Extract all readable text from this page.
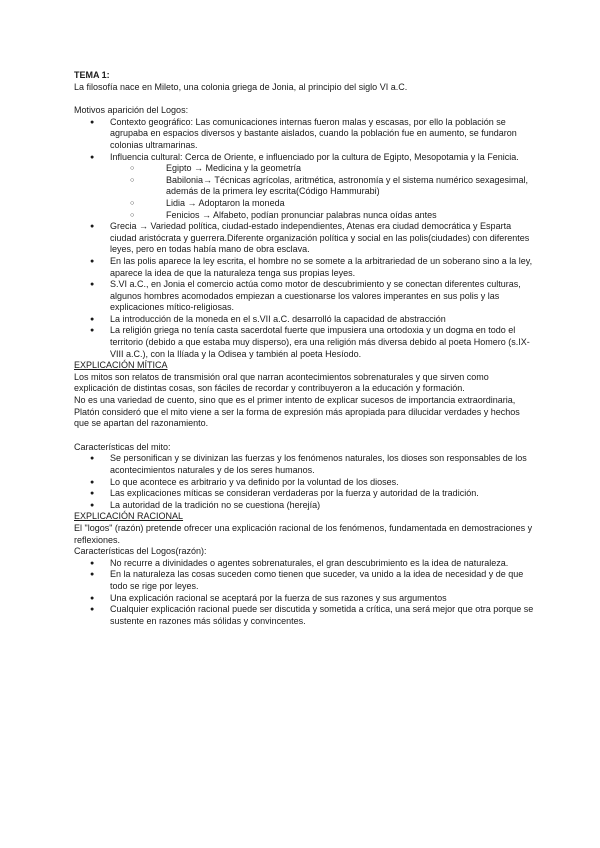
TEMA 1:

La filosofía nace en Mileto, una colonia griega de Jonia, al principio del siglo VI a.C.

Motivos aparición del Logos:

● Contexto geográfico: Las comunicaciones internas fueron malas y escasas, por ello la población se agrupaba en espacios diversos y bastante aislados, cuando la población fue en aumento, se fundaron colonias ultramarinas.
● Influencia cultural: Cerca de Oriente, e influenciado por la cultura de Egipto, Mesopotamia y la Fenicia.
○ Egipto → Medicina y la geometría
○ Babilonia→ Técnicas agrícolas, aritmética, astronomía y el sistema numérico sexagesimal, además de la primera ley escrita(Código Hammurabi)
○ Lidia → Adoptaron la moneda
○ Fenicios → Alfabeto, podían pronunciar palabras nunca oídas antes
● Grecia → Variedad política, ciudad-estado independientes, Atenas era ciudad democrática y Esparta ciudad aristócrata y guerrera.Diferente organización política y social en las polis(ciudades) con diferentes leyes, pero en todas había mano de obra esclava.
● En las polis aparece la ley escrita, el hombre no se somete a la arbitrariedad de un soberano sino a la ley, aparece la idea de que la naturaleza tenga sus propias leyes.
● S.VI a.C., en Jonia el comercio actúa como motor de descubrimiento y se conectan diferentes culturas, algunos hombres acomodados empiezan a cuestionarse los valores imperantes en sus polis y las explicaciones mítico-religiosas.
● La introducción de la moneda en el s.VII a.C. desarrolló la capacidad de abstracción
● La religión griega no tenía casta sacerdotal fuerte que impusiera una ortodoxia y un dogma en todo el territorio (debido a que estaba muy disperso), era una religión más diversa debido al poeta Homero (s.IX-VIII a.C.), con la Ilíada y la Odisea y también al poeta Hesíodo.

EXPLICACIÓN MÍTICA

Los mitos son relatos de transmisión oral que narran acontecimientos sobrenaturales y que sirven como explicación de distintas cosas, son fáciles de recordar y contribuyeron a la educación y formación.

No es una variedad de cuento, sino que es el primer intento de explicar sucesos de importancia extraordinaria, Platón consideró que el mito viene a ser la forma de expresión más apropiada para dilucidar verdades y hechos que se apartan del razonamiento.

Características del mito:

● Se personifican y se divinizan las fuerzas y los fenómenos naturales, los dioses son responsables de los acontecimientos naturales y de los seres humanos.
● Lo que acontece es arbitrario y va definido por la voluntad de los dioses.
● Las explicaciones míticas se consideran verdaderas por la fuerza y autoridad de la tradición.
● La autoridad de la tradición no se cuestiona (herejía)

EXPLICACIÓN RACIONAL

El "logos" (razón) pretende ofrecer una explicación racional de los fenómenos, fundamentada en demostraciones y reflexiones.

Características del Logos(razón):

● No recurre a divinidades o agentes sobrenaturales, el gran descubrimiento es la idea de naturaleza.
● En la naturaleza las cosas suceden como tienen que suceder, va unido a la idea de necesidad y de que todo se rige por leyes.
● Una explicación racional se aceptará por la fuerza de sus razones y sus argumentos
● Cualquier explicación racional puede ser discutida y sometida a crítica, una será mejor que otra porque se sustente en razones más sólidas y convincentes.
